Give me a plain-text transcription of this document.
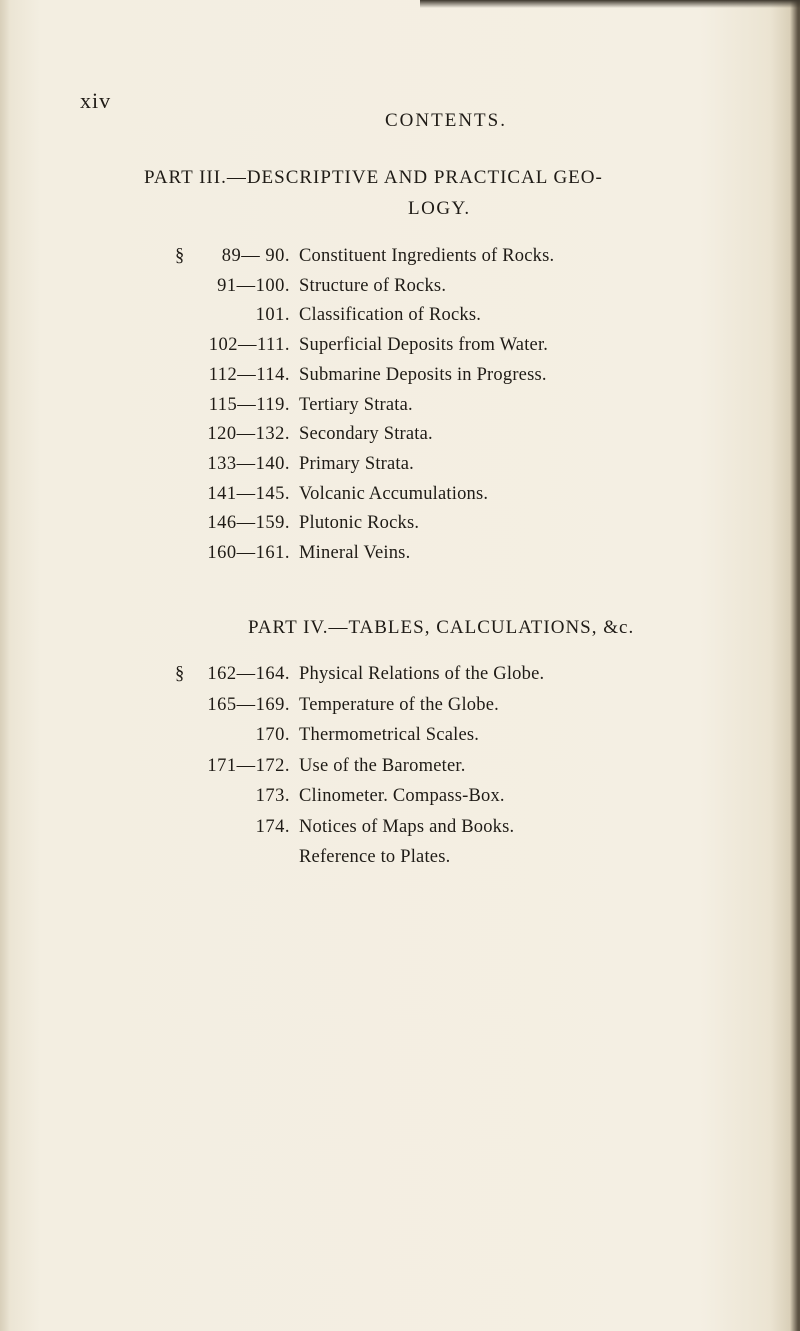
xiv
CONTENTS.
PART III.—DESCRIPTIVE AND PRACTICAL GEO-
LOGY.
§	89— 90. Constituent Ingredients of Rocks.
91—100. Structure of Rocks.
101. Classification of Rocks.
102—111. Superficial Deposits from Water.
112—114. Submarine Deposits in Progress.
115—119. Tertiary Strata.
120—132. Secondary Strata.
133—140. Primary Strata.
141—145. Volcanic Accumulations.
146—159. Plutonic Rocks.
160—161. Mineral Veins.
PART IV.—TABLES, CALCULATIONS, &c.
§	162—164. Physical Relations of the Globe.
165—169. Temperature of the Globe.
170. Thermometrical Scales.
171—172. Use of the Barometer.
173. Clinometer. Compass-Box.
174. Notices of Maps and Books.
Reference to Plates.
